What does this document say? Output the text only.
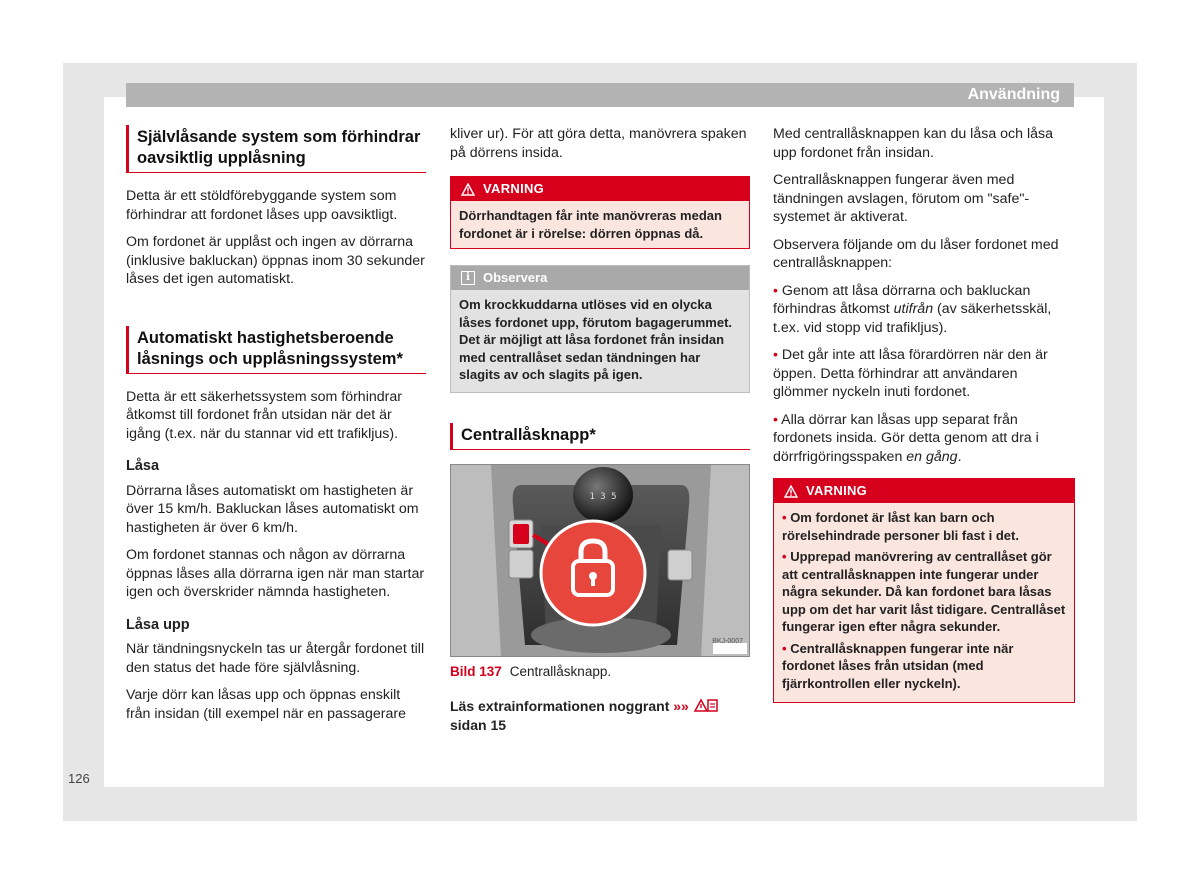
Användning
Självlåsande system som förhindrar oavsiktlig upplåsning

Detta är ett stöldförebyggande system som förhindrar att fordonet låses upp oavsiktligt.

Om fordonet är upplåst och ingen av dörrarna (inklusive bakluckan) öppnas inom 30 sekunder låses det igen automatiskt.

Automatiskt hastighetsberoende låsnings och upplåsningssystem*

Detta är ett säkerhetssystem som förhindrar åtkomst till fordonet från utsidan när det är igång (t.ex. när du stannar vid ett trafikljus).

Låsa

Dörrarna låses automatiskt om hastigheten är över 15 km/h. Bakluckan låses automatiskt om hastigheten är över 6 km/h.

Om fordonet stannas och någon av dörrarna öppnas låses alla dörrarna igen när man startar igen och överskrider nämnda hastigheten.

Låsa upp

När tändningsnyckeln tas ur återgår fordonet till den status det hade före självlåsning.

Varje dörr kan låsas upp och öppnas enskilt från insidan (till exempel när en passagerare

kliver ur). För att göra detta, manövrera spaken på dörrens insida.

VARNING
Dörrhandtagen får inte manövreras medan fordonet är i rörelse: dörren öppnas då.
i	Observera
Om krockkuddarna utlöses vid en olycka låses fordonet upp, förutom bagagerummet. Det är möjligt att låsa fordonet från insidan med centrallåset sedan tändningen har slagits av och slagits på igen.
Centrallåsknapp*
1 3 5
BKJ-0007
Bild 137 Centrallåsknapp.
Läs extrainformationen noggrant »»  sidan 15

Med centrallåsknappen kan du låsa och låsa upp fordonet från insidan.

Centrallåsknappen fungerar även med tändningen avslagen, förutom om "safe"-systemet är aktiverat.

Observera följande om du låser fordonet med centrallåsknappen:

• Genom att låsa dörrarna och bakluckan förhindras åtkomst utifrån (av säkerhetsskäl, t.ex. vid stopp vid trafikljus).

• Det går inte att låsa förardörren när den är öppen. Detta förhindrar att användaren glömmer nyckeln inuti fordonet.

• Alla dörrar kan låsas upp separat från fordonets insida. Gör detta genom att dra i dörrfrigöringsspaken en gång.

VARNING
• Om fordonet är låst kan barn och rörelsehindrade personer bli fast i det.
• Upprepad manövrering av centrallåset gör att centrallåsknappen inte fungerar under några sekunder. Då kan fordonet bara låsas upp om det har varit låst tidigare. Centrallåset fungerar igen efter några sekunder.
• Centrallåsknappen fungerar inte när fordonet låses från utsidan (med fjärrkontrollen eller nyckeln).
126
